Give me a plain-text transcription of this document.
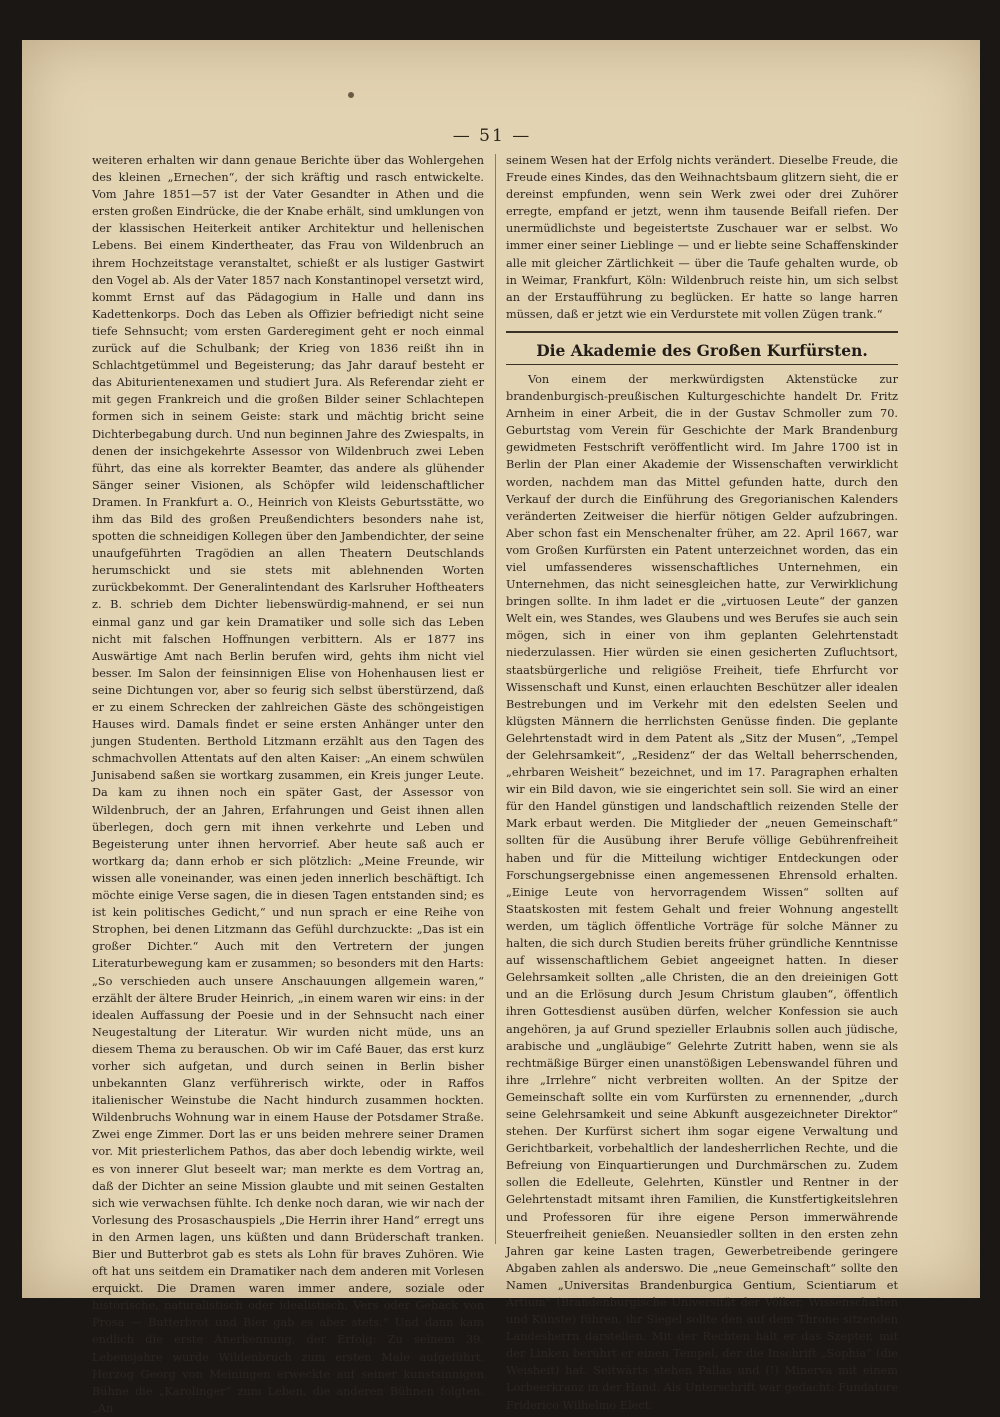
— 51 —

weiteren erhalten wir dann genaue Berichte über das Wohlergehen des kleinen „Ernechen“, der sich kräftig und rasch entwickelte. Vom Jahre 1851—57 ist der Vater Gesandter in Athen und die ersten großen Eindrücke, die der Knabe erhält, sind umklungen von der klassischen Heiterkeit antiker Architektur und hellenischen Lebens. Bei einem Kindertheater, das Frau von Wildenbruch an ihrem Hochzeitstage veranstaltet, schießt er als lustiger Gastwirt den Vogel ab. Als der Vater 1857 nach Konstantinopel versetzt wird, kommt Ernst auf das Pädagogium in Halle und dann ins Kadettenkorps. Doch das Leben als Offizier befriedigt nicht seine tiefe Sehnsucht; vom ersten Garderegiment geht er noch einmal zurück auf die Schulbank; der Krieg von 1836 reißt ihn in Schlachtgetümmel und Begeisterung; das Jahr darauf besteht er das Abiturientenexamen und studiert Jura. Als Referendar zieht er mit gegen Frankreich und die großen Bilder seiner Schlachtepen formen sich in seinem Geiste: stark und mächtig bricht seine Dichterbegabung durch. Und nun beginnen Jahre des Zwiespalts, in denen der insichgekehrte Assessor von Wildenbruch zwei Leben führt, das eine als korrekter Beamter, das andere als glühender Sänger seiner Visionen, als Schöpfer wild leidenschaftlicher Dramen. In Frankfurt a. O., Heinrich von Kleists Geburtsstätte, wo ihm das Bild des großen Preußendichters besonders nahe ist, spotten die schneidigen Kollegen über den Jambendichter, der seine unaufgeführten Tragödien an allen Theatern Deutschlands herumschickt und sie stets mit ablehnenden Worten zurückbekommt. Der Generalintendant des Karlsruher Hoftheaters z. B. schrieb dem Dichter liebenswürdig-mahnend, er sei nun einmal ganz und gar kein Dramatiker und solle sich das Leben nicht mit falschen Hoffnungen verbittern. Als er 1877 ins Auswärtige Amt nach Berlin berufen wird, gehts ihm nicht viel besser. Im Salon der feinsinnigen Elise von Hohenhausen liest er seine Dichtungen vor, aber so feurig sich selbst überstürzend, daß er zu einem Schrecken der zahlreichen Gäste des schöngeistigen Hauses wird. Damals findet er seine ersten Anhänger unter den jungen Studenten. Berthold Litzmann erzählt aus den Tagen des schmachvollen Attentats auf den alten Kaiser: „An einem schwülen Junisabend saßen sie wortkarg zusammen, ein Kreis junger Leute. Da kam zu ihnen noch ein später Gast, der Assessor von Wildenbruch, der an Jahren, Erfahrungen und Geist ihnen allen überlegen, doch gern mit ihnen verkehrte und Leben und Begeisterung unter ihnen hervorrief. Aber heute saß auch er wortkarg da; dann erhob er sich plötzlich: „Meine Freunde, wir wissen alle voneinander, was einen jeden innerlich beschäftigt. Ich möchte einige Verse sagen, die in diesen Tagen entstanden sind; es ist kein politisches Gedicht,“ und nun sprach er eine Reihe von Strophen, bei denen Litzmann das Gefühl durchzuckte: „Das ist ein großer Dichter.“ Auch mit den Vertretern der jungen Literaturbewegung kam er zusammen; so besonders mit den Harts: „So verschieden auch unsere Anschauungen allgemein waren,“ erzählt der ältere Bruder Heinrich, „in einem waren wir eins: in der idealen Auffassung der Poesie und in der Sehnsucht nach einer Neugestaltung der Literatur. Wir wurden nicht müde, uns an diesem Thema zu berauschen. Ob wir im Café Bauer, das erst kurz vorher sich aufgetan, und durch seinen in Berlin bisher unbekannten Glanz verführerisch wirkte, oder in Raffos italienischer Weinstube die Nacht hindurch zusammen hockten. Wildenbruchs Wohnung war in einem Hause der Potsdamer Straße. Zwei enge Zimmer. Dort las er uns beiden mehrere seiner Dramen vor. Mit priesterlichem Pathos, das aber doch lebendig wirkte, weil es von innerer Glut beseelt war; man merkte es dem Vortrag an, daß der Dichter an seine Mission glaubte und mit seinen Gestalten sich wie verwachsen fühlte. Ich denke noch daran, wie wir nach der Vorlesung des Prosaschauspiels „Die Herrin ihrer Hand“ erregt uns in den Armen lagen, uns küßten und dann Brüderschaft tranken. Bier und Butterbrot gab es stets als Lohn für braves Zuhören. Wie oft hat uns seitdem ein Dramatiker nach dem anderen mit Vorlesen erquickt. Die Dramen waren immer andere, soziale oder historische, naturalistisch oder idealistisch, Vers oder Gehack von Prosa — Butterbrot und Bier gab es aber stets.“ Und dann kam endlich die erste Anerkennung, der Erfolg: Zu seinem 39. Lebensjahre wurde Wildenbruch zum ersten Male aufgeführt. Herzog Georg von Meiningen erweckte auf seiner kunstsinnigen Bühne die „Karolinger“ zum Leben, die anderen Bühnen folgten. „An

seinem Wesen hat der Erfolg nichts verändert. Dieselbe Freude, die Freude eines Kindes, das den Weihnachtsbaum glitzern sieht, die er dereinst empfunden, wenn sein Werk zwei oder drei Zuhörer erregte, empfand er jetzt, wenn ihm tausende Beifall riefen. Der unermüdlichste und begeistertste Zuschauer war er selbst. Wo immer einer seiner Lieblinge — und er liebte seine Schaffenskinder alle mit gleicher Zärtlichkeit — über die Taufe gehalten wurde, ob in Weimar, Frankfurt, Köln: Wildenbruch reiste hin, um sich selbst an der Erstaufführung zu beglücken. Er hatte so lange harren müssen, daß er jetzt wie ein Verdurstete mit vollen Zügen trank.“

Die Akademie des Großen Kurfürsten.

Von einem der merkwürdigsten Aktenstücke zur brandenburgisch-preußischen Kulturgeschichte handelt Dr. Fritz Arnheim in einer Arbeit, die in der Gustav Schmoller zum 70. Geburtstag vom Verein für Geschichte der Mark Brandenburg gewidmeten Festschrift veröffentlicht wird. Im Jahre 1700 ist in Berlin der Plan einer Akademie der Wissenschaften verwirklicht worden, nachdem man das Mittel gefunden hatte, durch den Verkauf der durch die Einführung des Gregorianischen Kalenders veränderten Zeitweiser die hierfür nötigen Gelder aufzubringen. Aber schon fast ein Menschenalter früher, am 22. April 1667, war vom Großen Kurfürsten ein Patent unterzeichnet worden, das ein viel umfassenderes wissenschaftliches Unternehmen, ein Unternehmen, das nicht seinesgleichen hatte, zur Verwirklichung bringen sollte. In ihm ladet er die „virtuosen Leute“ der ganzen Welt ein, wes Standes, wes Glaubens und wes Berufes sie auch sein mögen, sich in einer von ihm geplanten Gelehrtenstadt niederzulassen. Hier würden sie einen gesicherten Zufluchtsort, staatsbürgerliche und religiöse Freiheit, tiefe Ehrfurcht vor Wissenschaft und Kunst, einen erlauchten Beschützer aller idealen Bestrebungen und im Verkehr mit den edelsten Seelen und klügsten Männern die herrlichsten Genüsse finden. Die geplante Gelehrtenstadt wird in dem Patent als „Sitz der Musen“, „Tempel der Gelehrsamkeit“, „Residenz“ der das Weltall beherrschenden, „ehrbaren Weisheit“ bezeichnet, und im 17. Paragraphen erhalten wir ein Bild davon, wie sie eingerichtet sein soll. Sie wird an einer für den Handel günstigen und landschaftlich reizenden Stelle der Mark erbaut werden. Die Mitglieder der „neuen Gemeinschaft“ sollten für die Ausübung ihrer Berufe völlige Gebührenfreiheit haben und für die Mitteilung wichtiger Entdeckungen oder Forschungsergebnisse einen angemessenen Ehrensold erhalten. „Einige Leute von hervorragendem Wissen“ sollten auf Staatskosten mit festem Gehalt und freier Wohnung angestellt werden, um täglich öffentliche Vorträge für solche Männer zu halten, die sich durch Studien bereits früher gründliche Kenntnisse auf wissenschaftlichem Gebiet angeeignet hatten. In dieser Gelehrsamkeit sollten „alle Christen, die an den dreieinigen Gott und an die Erlösung durch Jesum Christum glauben“, öffentlich ihren Gottesdienst ausüben dürfen, welcher Konfession sie auch angehören, ja auf Grund spezieller Erlaubnis sollen auch jüdische, arabische und „ungläubige“ Gelehrte Zutritt haben, wenn sie als rechtmäßige Bürger einen unanstößigen Lebenswandel führen und ihre „Irrlehre“ nicht verbreiten wollten. An der Spitze der Gemeinschaft sollte ein vom Kurfürsten zu ernennender, „durch seine Gelehrsamkeit und seine Abkunft ausgezeichneter Direktor“ stehen. Der Kurfürst sichert ihm sogar eigene Verwaltung und Gerichtbarkeit, vorbehaltlich der landesherrlichen Rechte, und die Befreiung von Einquartierungen und Durchmärschen zu. Zudem sollen die Edelleute, Gelehrten, Künstler und Rentner in der Gelehrtenstadt mitsamt ihren Familien, die Kunstfertigkeitslehren und Professoren für ihre eigene Person immerwährende Steuerfreiheit genießen. Neuansiedler sollten in den ersten zehn Jahren gar keine Lasten tragen, Gewerbetreibende geringere Abgaben zahlen als anderswo. Die „neue Gemeinschaft“ sollte den Namen „Universitas Brandenburgica Gentium, Scientiarum et Artium“ (Brandenburgische Universität der Völker, Wissenschaften und Künste) führen, ihr Siegel sollte den auf dem Throne sitzenden Landesherrn darstellen. Mit der Rechten hält er das Szepter, mit der Linken berührt er einen Tempel, der die Inschrift „Sophia“ (die Weisheit) hat. Seitwärts stehen Pallas und (!) Minerva mit einem Lorbeerkranz in der Hand. Als Unterschrift war gedacht: Fundatore Friderico Wilhelmo Elect.
